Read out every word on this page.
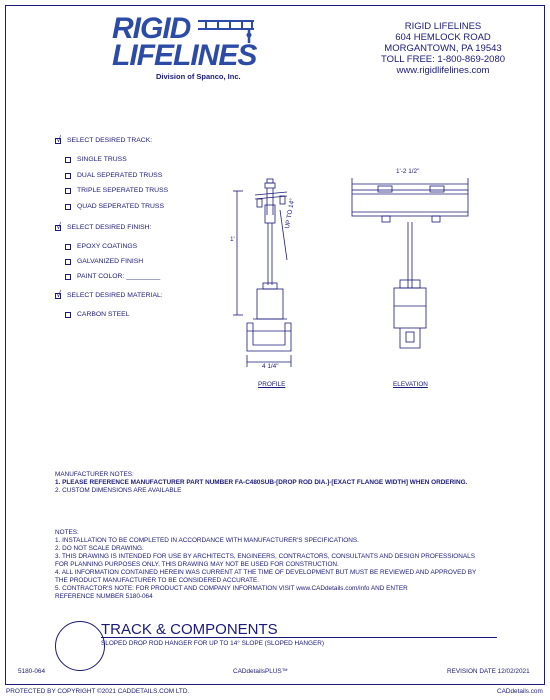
RIGID
LIFELINES
Division of Spanco, Inc.
RIGID LIFELINES
604 HEMLOCK ROAD
MORGANTOWN, PA 19543
TOLL FREE: 1-800-869-2080
www.rigidlifelines.com
√ SELECT DESIRED TRACK:
SINGLE TRUSS
DUAL SEPERATED TRUSS
TRIPLE SEPERATED TRUSS
QUAD SEPERATED TRUSS
√ SELECT DESIRED FINISH:
EPOXY COATINGS
GALVANIZED FINISH
PAINT COLOR: _________
√ SELECT DESIRED MATERIAL:
CARBON STEEL
1'
UP TO 14°
4 1/4"
PROFILE
1'-2 1/2"
ELEVATION
MANUFACTURER NOTES:
1. PLEASE REFERENCE MANUFACTURER PART NUMBER FA-C480SUB-[DROP ROD DIA.]-[EXACT FLANGE WIDTH] WHEN ORDERING.
2. CUSTOM DIMENSIONS ARE AVAILABLE
NOTES:
1. INSTALLATION TO BE COMPLETED IN ACCORDANCE WITH MANUFACTURER'S SPECIFICATIONS.
2. DO NOT SCALE DRAWING.
3. THIS DRAWING IS INTENDED FOR USE BY ARCHITECTS, ENGINEERS, CONTRACTORS, CONSULTANTS AND DESIGN PROFESSIONALS
FOR PLANNING PURPOSES ONLY. THIS DRAWING MAY NOT BE USED FOR CONSTRUCTION.
4. ALL INFORMATION CONTAINED HEREIN WAS CURRENT AT THE TIME OF DEVELOPMENT BUT MUST BE REVIEWED AND APPROVED BY
THE PRODUCT MANUFACTURER TO BE CONSIDERED ACCURATE.
5. CONTRACTOR'S NOTE: FOR PRODUCT AND COMPANY INFORMATION VISIT www.CADdetails.com/info AND ENTER
REFERENCE NUMBER 5180-064
TRACK & COMPONENTS
SLOPED DROP ROD HANGER FOR UP TO 14° SLOPE (SLOPED HANGER)
5180-064	CADdetailsPLUS™	REVISION DATE 12/02/2021
PROTECTED BY COPYRIGHT ©2021 CADDETAILS.COM LTD.	CADdetails.com
